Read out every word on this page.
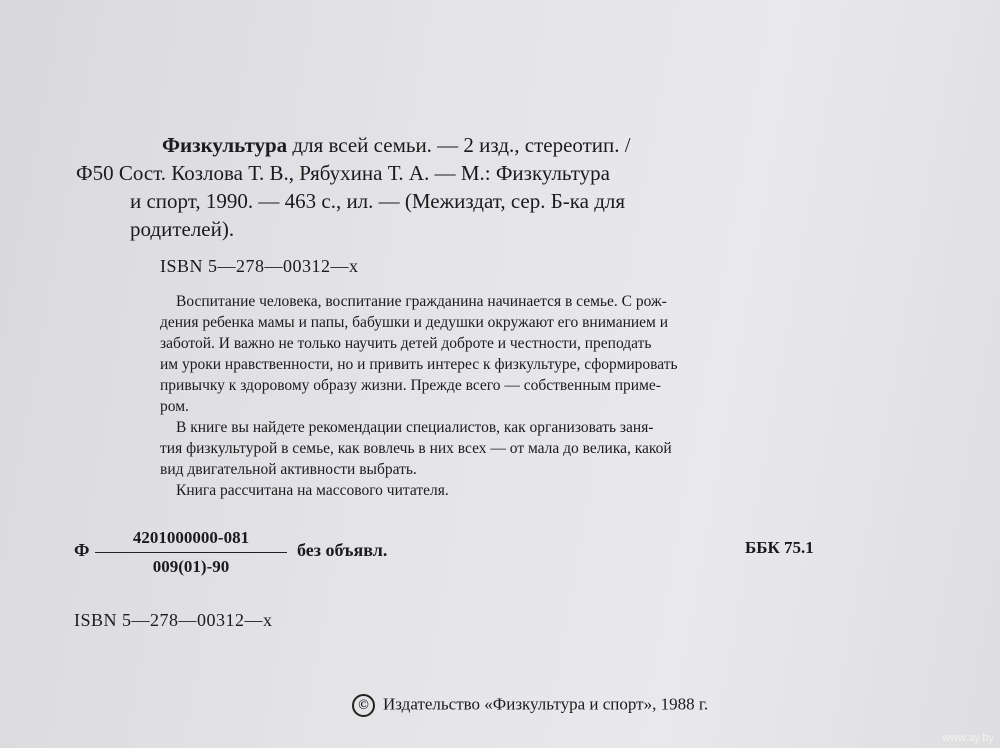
Физкультура для всей семьи. — 2 изд., стереотип. /
Ф50 Сост. Козлова Т. В., Рябухина Т. А. — М.: Физкультура
и спорт, 1990. — 463 с., ил. — (Межиздат, сер. Б-ка для
родителей).
ISBN 5—278—00312—х
Воспитание человека, воспитание гражданина начинается в семье. С рож-
дения ребенка мамы и папы, бабушки и дедушки окружают его вниманием и
заботой. И важно не только научить детей доброте и честности, преподать
им уроки нравственности, но и привить интерес к физкультуре, сформировать
привычку к здоровому образу жизни. Прежде всего — собственным приме-
ром.
В книге вы найдете рекомендации специалистов, как организовать заня-
тия физкультурой в семье, как вовлечь в них всех — от мала до велика, какой
вид двигательной активности выбрать.
Книга рассчитана на массового читателя.
Ф
4201000000-081
009(01)-90
без объявл.	ББК 75.1
ISBN 5—278—00312—х
© Издательство «Физкультура и спорт», 1988 г.
www.ay.by
